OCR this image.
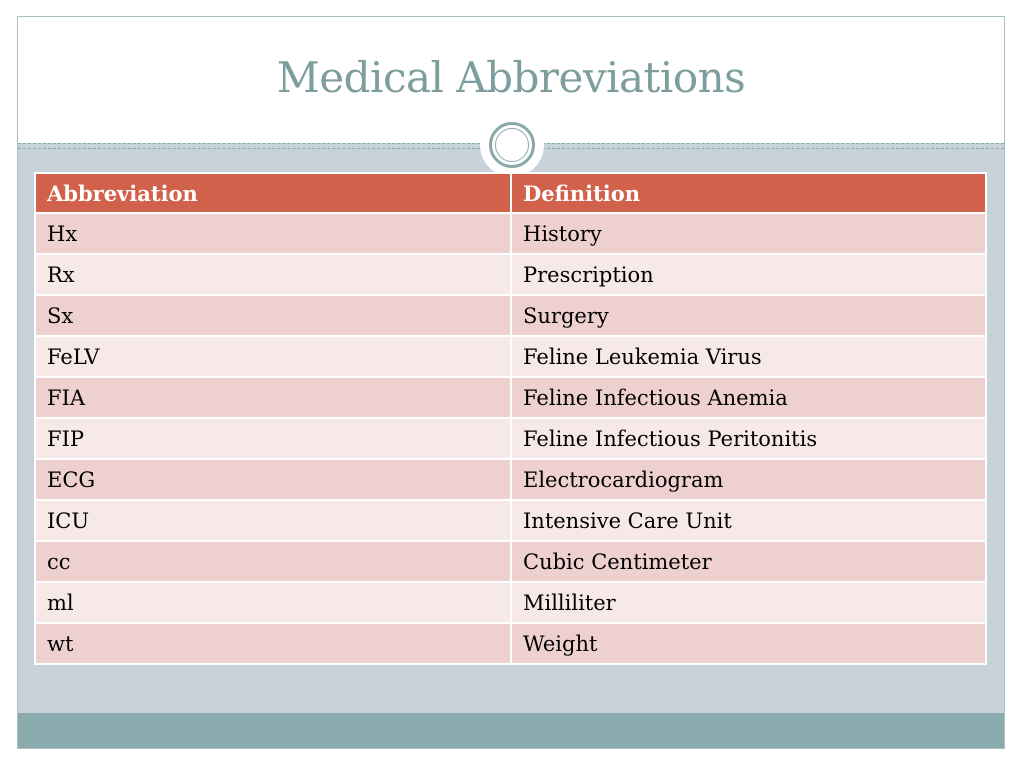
Medical Abbreviations
Abbreviation	Definition
Hx	History
Rx	Prescription
Sx	Surgery
FeLV	Feline Leukemia Virus
FIA	Feline Infectious Anemia
FIP	Feline Infectious Peritonitis
ECG	Electrocardiogram
ICU	Intensive Care Unit
cc	Cubic Centimeter
ml	Milliliter
wt	Weight
